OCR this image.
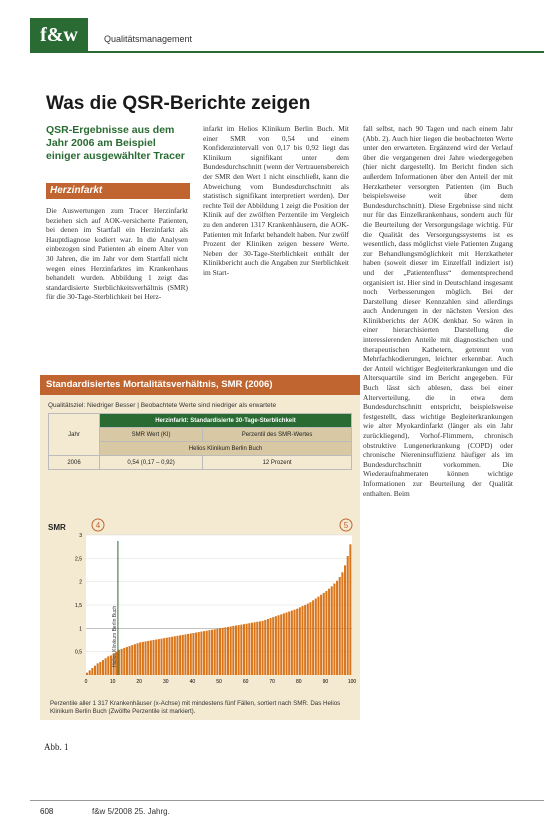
f&w	Qualitätsmanagement
Was die QSR-Berichte zeigen
QSR-Ergebnisse aus dem Jahr 2006 am Beispiel einiger ausgewählter Tracer
Herzinfarkt
Die Auswertungen zum Tracer Herzinfarkt beziehen sich auf AOK-versicherte Patienten, bei denen im Startfall ein Herzinfarkt als Hauptdiagnose kodiert war. In die Analysen einbezogen sind Patienten ab einem Alter von 30 Jahren, die im Jahr vor dem Startfall nicht wegen eines Herzinfarktes im Krankenhaus behandelt wurden. Abbildung 1 zeigt das standardisierte Sterblichkeitsverhältnis (SMR) für die 30-Tage-Sterblichkeit bei Herz-
infarkt im Helios Klinikum Berlin Buch. Mit einer SMR von 0,54 und einem Konfidenzintervall von 0,17 bis 0,92 liegt das Klinikum signifikant unter dem Bundesdurchschnitt (wenn der Vertrauensbereich der SMR den Wert 1 nicht einschließt, kann die Abweichung vom Bundesdurchschnitt als statistisch signifikant interpretiert werden). Der rechte Teil der Abbildung 1 zeigt die Position der Klinik auf der zwölften Perzentile im Vergleich zu den anderen 1317 Krankenhäusern, die AOK-Patienten mit Infarkt behandelt haben. Nur zwölf Prozent der Kliniken zeigen bessere Werte. Neben der 30-Tage-Sterblichkeit enthält der Klinikbericht auch die Angaben zur Sterblichkeit im Start-
fall selbst, nach 90 Tagen und nach einem Jahr (Abb. 2). Auch hier liegen die beobachteten Werte unter den erwarteten. Ergänzend wird der Verlauf über die vergangenen drei Jahre wiedergegeben (hier nicht dargestellt). Im Bericht finden sich außerdem Informationen über den Anteil der mit Herzkatheter versorgten Patienten (im Buch beispielsweise weit über dem Bundesdurchschnitt). Diese Ergebnisse sind nicht nur für das Einzelkrankenhaus, sondern auch für die Beurteilung der Versorgungslage wichtig. Für die Qualität des Versorgungssystems ist es wesentlich, dass möglichst viele Patienten Zugang zur Behandlungsmöglichkeit mit Herzkatheter haben (soweit dieser im Einzelfall indiziert ist) und der „Patientenfluss“ dementsprechend organisiert ist. Hier sind in Deutschland insgesamt noch Verbesserungen möglich. Bei der Darstellung dieser Kennzahlen sind allerdings auch Änderungen in der nächsten Version des Klinikberichts der AOK denkbar. So wären in einer hierarchisierten Darstellung die interessierenden Anteile mit diagnostischen und therapeutischen Kathetern, getrennt von Mehrfachkodierungen, leichter erkennbar. Auch der Anteil wichtiger Begleiterkrankungen und die Altersquartile sind im Bericht angegeben. Für Buch lässt sich ablesen, dass bei einer Alterverteilung, die in etwa dem Bundesdurchschnitt entspricht, beispielsweise festgestellt, dass wichtige Begleiterkrankungen wie alter Myokardinfarkt (länger als ein Jahr zurückliegend), Vorhof-Flimmern, chronisch obstruktive Lungenerkrankung (COPD) oder chronische Niereninsuffizienz häufiger als im Bundesdurchschnitt vorkommen. Die Wiederaufnahmeraten können wichtige Informationen zur Beurteilung der Qualität enthalten. Beim
Standardisiertes Mortalitätsverhältnis, SMR (2006)
Qualitätsziel: Niedriger Besser | Beobachtete Werte sind niedriger als erwartete
Jahr	Herzinfarkt: Standardisierte 30-Tage-Sterblichkeit	
	SMR Wert (KI)	Perzentil des SMR-Wertes
	Helios Klinikum Berlin Buch	
2006	0,54 (0,17 – 0,92)	12 Prozent
SMR
0	10	20	30	40	50	60	70	80	90	100
0,5
1
1,5
2
2,5
3
Helios Klinikum Berlin Buch
4	5
Perzentile aller 1 317 Krankenhäuser (x-Achse) mit mindestens fünf Fällen, sortiert nach SMR. Das Helios Klinikum Berlin Buch (Zwölfte Perzentile ist markiert).
Abb. 1
608	f&w 5/2008 25. Jahrg.
